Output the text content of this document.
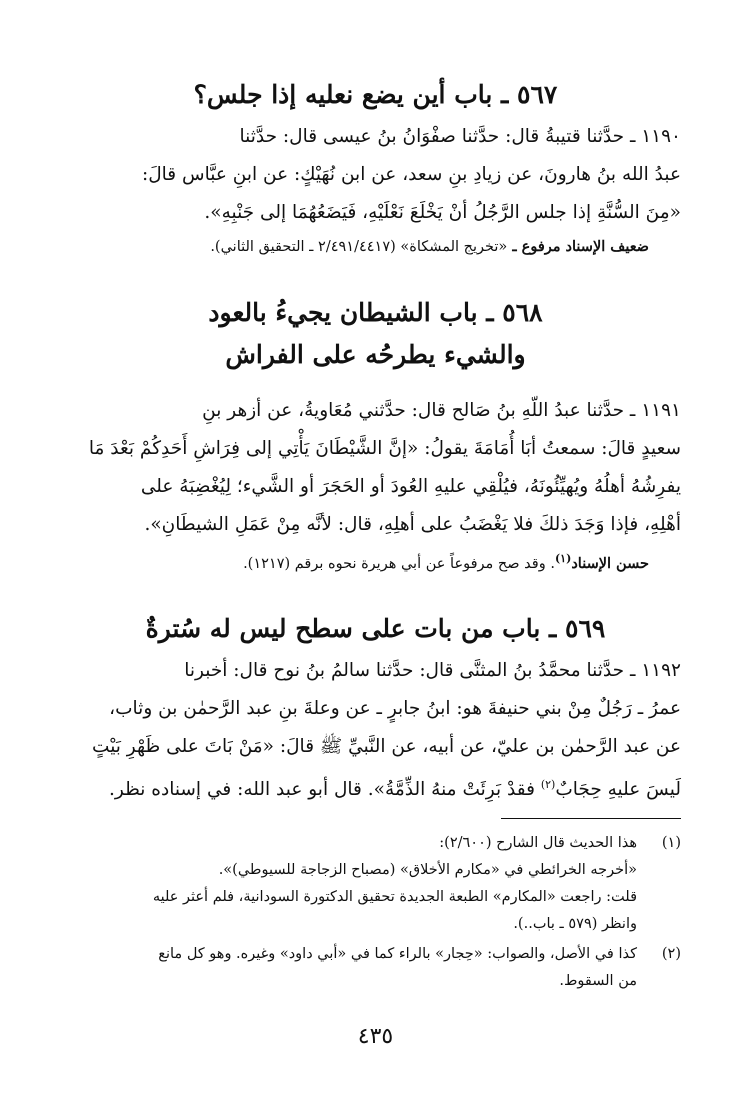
٥٦٧ ـ باب أين يضع نعليه إذا جلس؟

١١٩٠ ـ حدَّثنا قتيبةُ قال: حدَّثنا صفْوَانُ بنُ عيسى قال: حدَّثنا

عبدُ الله بنُ هارونَ، عن زيادِ بنِ سعد، عن ابن نُهَيْكٍ: عن ابنِ عبَّاس قالَ:

«مِنَ السُّنَّةِ إذا جلس الرَّجُلُ أنْ يَخْلَعَ نَعْلَيْهِ، فَيَضَعُهُمَا إلى جَنْبِهِ».

ضعيف الإسناد مرفوع ـ «تخريج المشكاة» (٢/٤٩١/٤٤١٧ ـ التحقيق الثاني).

٥٦٨ ـ باب الشيطان يجيءُ بالعود
والشيء يطرحُه على الفراش

١١٩١ ـ حدَّثنا عبدُ اللّهِ بنُ صَالح قال: حدَّثني مُعَاويةُ، عن أزهر بنِ

سعيدٍ قالَ: سمعتُ أبَا أُمَامَةَ يقولُ: «إنَّ الشَّيْطَانَ يَأْتِي إلى فِرَاشِ أَحَدِكُمْ بَعْدَ مَا

يفرِشُهُ أهلُهُ ويُهيِّئُونَهُ، فيُلْقِي عليهِ العُودَ أو الحَجَرَ أو الشَّيء؛ لِيُغْضِبَهُ على

أهْلِهِ، فإذا وَجَدَ ذلكَ فلا يَغْضَبُ على أهلِهِ، قال: لأنَّه مِنْ عَمَلِ الشيطَانِ».

حسن الإسناد$^{(١)}$. وقد صح مرفوعاً عن أبي هريرة نحوه برقم (١٢١٧).

٥٦٩ ـ باب من بات على سطح ليس له سُترةٌ

١١٩٢ ـ حدَّثنا محمَّدُ بنُ المثنَّى قال: حدَّثنا سالمُ بنُ نوح قال: أخبرنا

عمرُ ـ رَجُلٌ مِنْ بني حنيفةَ هو: ابنُ جابرٍ ـ عن وعلةَ بنِ عبد الرَّحمٰن بن وثاب،

عن عبد الرَّحمٰن بن عليّ، عن أبيه، عن النَّبيِّ ﷺ قالَ: «مَنْ بَاتَ على ظَهْرِ بَيْتٍ

لَيسَ عليهِ حِجَابٌ$^{(٢)}$ فقدْ بَرِئَتْ منهُ الذِّمَّةُ». قال أبو عبد الله: في إسناده نظر.

(١)
هذا الحديث قال الشارح (٢/٦٠٠):
«أخرجه الخرائطي في «مكارم الأخلاق» (مصباح الزجاجة للسيوطي)».
قلت: راجعت «المكارم» الطبعة الجديدة تحقيق الدكتورة السودانية، فلم أعثر عليه
وانظر (٥٧٩ ـ باب..).
(٢)
كذا في الأصل، والصواب: «حِجار» بالراء كما في «أبي داود» وغيره. وهو كل مانع
من السقوط.
٤٣٥
